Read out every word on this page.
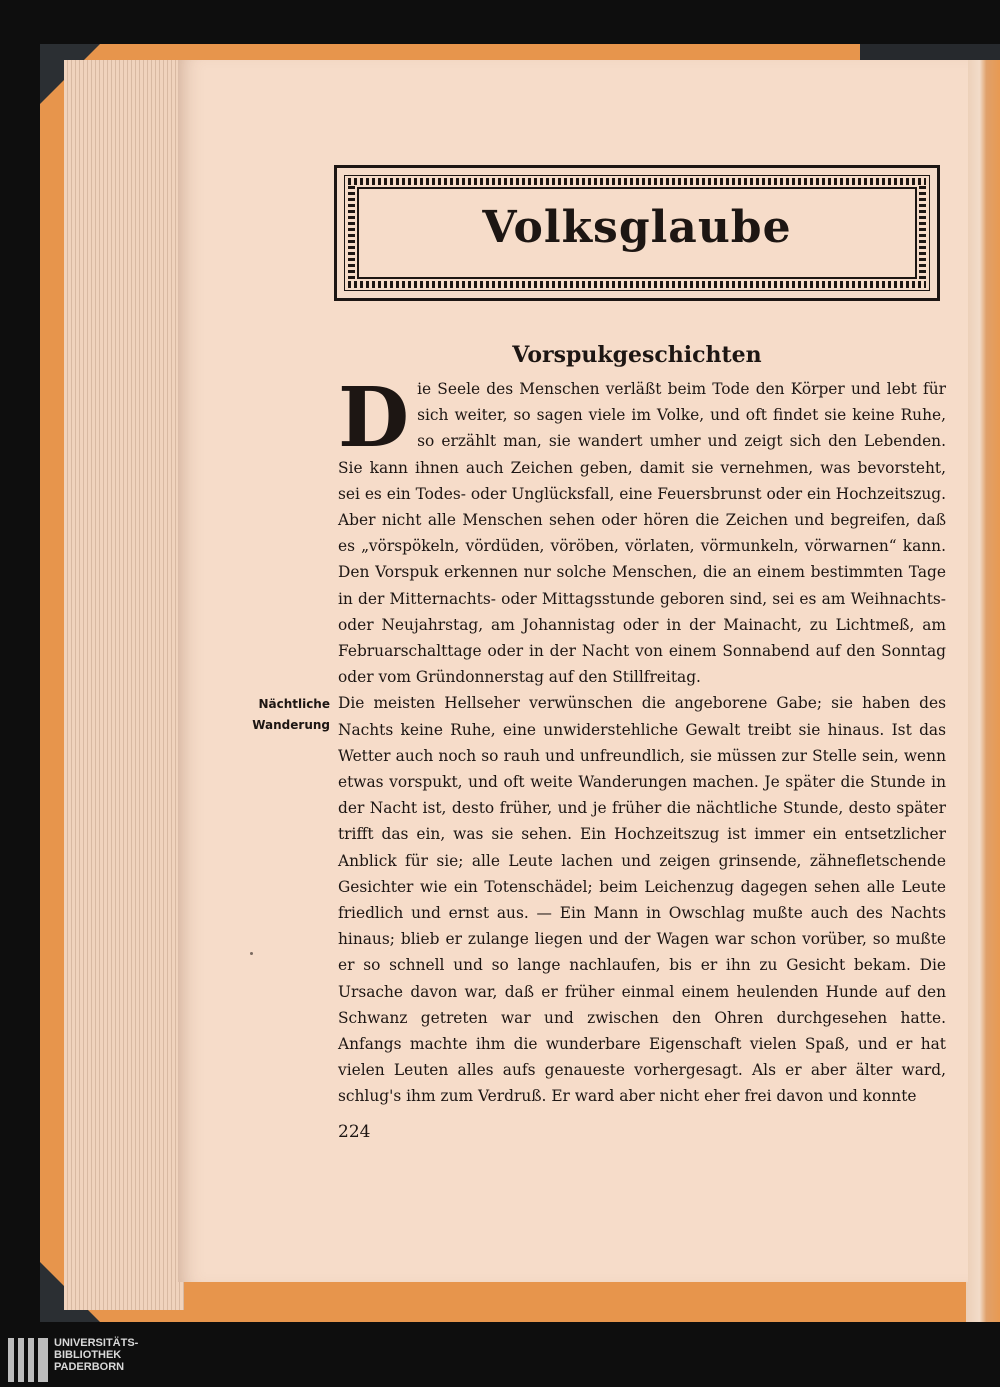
Volksglaube
Vorspukgeschichten

Die Seele des Menschen verläßt beim Tode den Körper und lebt für sich weiter, so sagen viele im Volke, und oft findet sie keine Ruhe, so erzählt man, sie wandert umher und zeigt sich den Lebenden. Sie kann ihnen auch Zeichen geben, damit sie vernehmen, was bevorsteht, sei es ein Todes- oder Unglücksfall, eine Feuersbrunst oder ein Hochzeitszug. Aber nicht alle Menschen sehen oder hören die Zeichen und begreifen, daß es „vörspökeln, vördüden, vöröben, vörlaten, vörmunkeln, vörwarnen“ kann. Den Vorspuk erkennen nur solche Menschen, die an einem bestimmten Tage in der Mitternachts- oder Mittagsstunde geboren sind, sei es am Weihnachts- oder Neujahrstag, am Johannistag oder in der Mainacht, zu Lichtmeß, am Februarschalttage oder in der Nacht von einem Sonnabend auf den Sonntag oder vom Gründonnerstag auf den Stillfreitag.

Die meisten Hellseher verwünschen die angeborene Gabe; sie haben des Nachts keine Ruhe, eine unwiderstehliche Gewalt treibt sie hinaus. Ist das Wetter auch noch so rauh und unfreundlich, sie müssen zur Stelle sein, wenn etwas vorspukt, und oft weite Wanderungen machen. Je später die Stunde in der Nacht ist, desto früher, und je früher die nächtliche Stunde, desto später trifft das ein, was sie sehen. Ein Hochzeitszug ist immer ein entsetzlicher Anblick für sie; alle Leute lachen und zeigen grinsende, zähnefletschende Gesichter wie ein Totenschädel; beim Leichenzug dagegen sehen alle Leute friedlich und ernst aus. — Ein Mann in Owschlag mußte auch des Nachts hinaus; blieb er zulange liegen und der Wagen war schon vorüber, so mußte er so schnell und so lange nachlaufen, bis er ihn zu Gesicht bekam. Die Ursache davon war, daß er früher einmal einem heulenden Hunde auf den Schwanz getreten war und zwischen den Ohren durchgesehen hatte. Anfangs machte ihm die wunderbare Eigenschaft vielen Spaß, und er hat vielen Leuten alles aufs genaueste vorhergesagt. Als er aber älter ward, schlug's ihm zum Verdruß. Er ward aber nicht eher frei davon und konnte

Nächtliche
Wanderung
224
UNIVERSITÄTS-
BIBLIOTHEK
PADERBORN
